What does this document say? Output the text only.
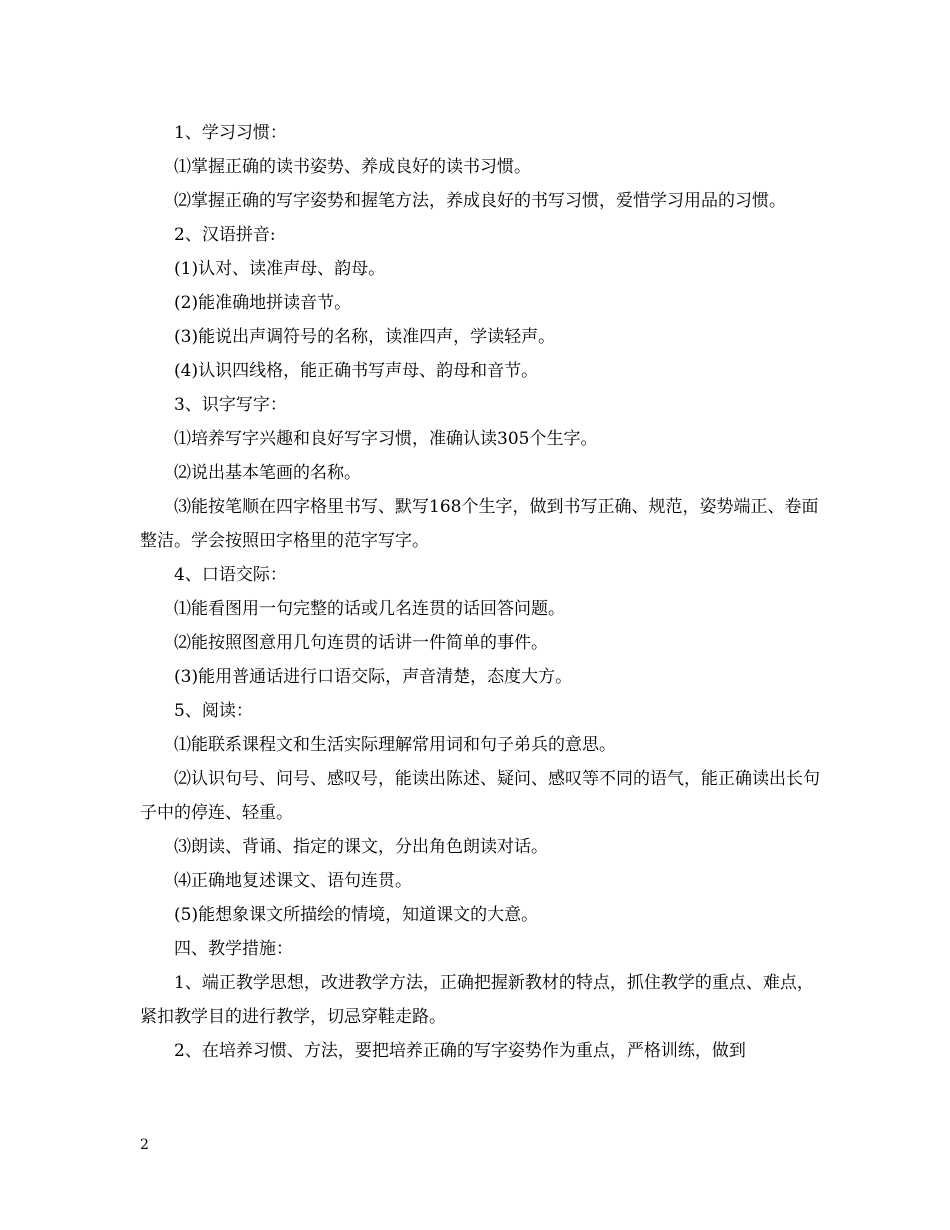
1、学习习惯：

⑴掌握正确的读书姿势、养成良好的读书习惯。

⑵掌握正确的写字姿势和握笔方法，养成良好的书写习惯，爱惜学习用品的习惯。

2、汉语拼音:

(1)认对、读准声母、韵母。

(2)能准确地拼读音节。

(3)能说出声调符号的名称，读准四声，学读轻声。

(4)认识四线格，能正确书写声母、韵母和音节。

3、识字写字：

⑴培养写字兴趣和良好写字习惯，准确认读305个生字。

⑵说出基本笔画的名称。

⑶能按笔顺在四字格里书写、默写168个生字，做到书写正确、规范，姿势端正、卷面整洁。学会按照田字格里的范字写字。

4、口语交际：

⑴能看图用一句完整的话或几名连贯的话回答问题。

⑵能按照图意用几句连贯的话讲一件简单的事件。

(3)能用普通话进行口语交际，声音清楚，态度大方。

5、阅读：

⑴能联系课程文和生活实际理解常用词和句子弟兵的意思。

⑵认识句号、问号、感叹号，能读出陈述、疑问、感叹等不同的语气，能正确读出长句子中的停连、轻重。

⑶朗读、背诵、指定的课文，分出角色朗读对话。

⑷正确地复述课文、语句连贯。

(5)能想象课文所描绘的情境，知道课文的大意。

四、教学措施：

1、端正教学思想，改进教学方法，正确把握新教材的特点，抓住教学的重点、难点，紧扣教学目的进行教学，切忌穿鞋走路。

2、在培养习惯、方法，要把培养正确的写字姿势作为重点，严格训练，做到

2
